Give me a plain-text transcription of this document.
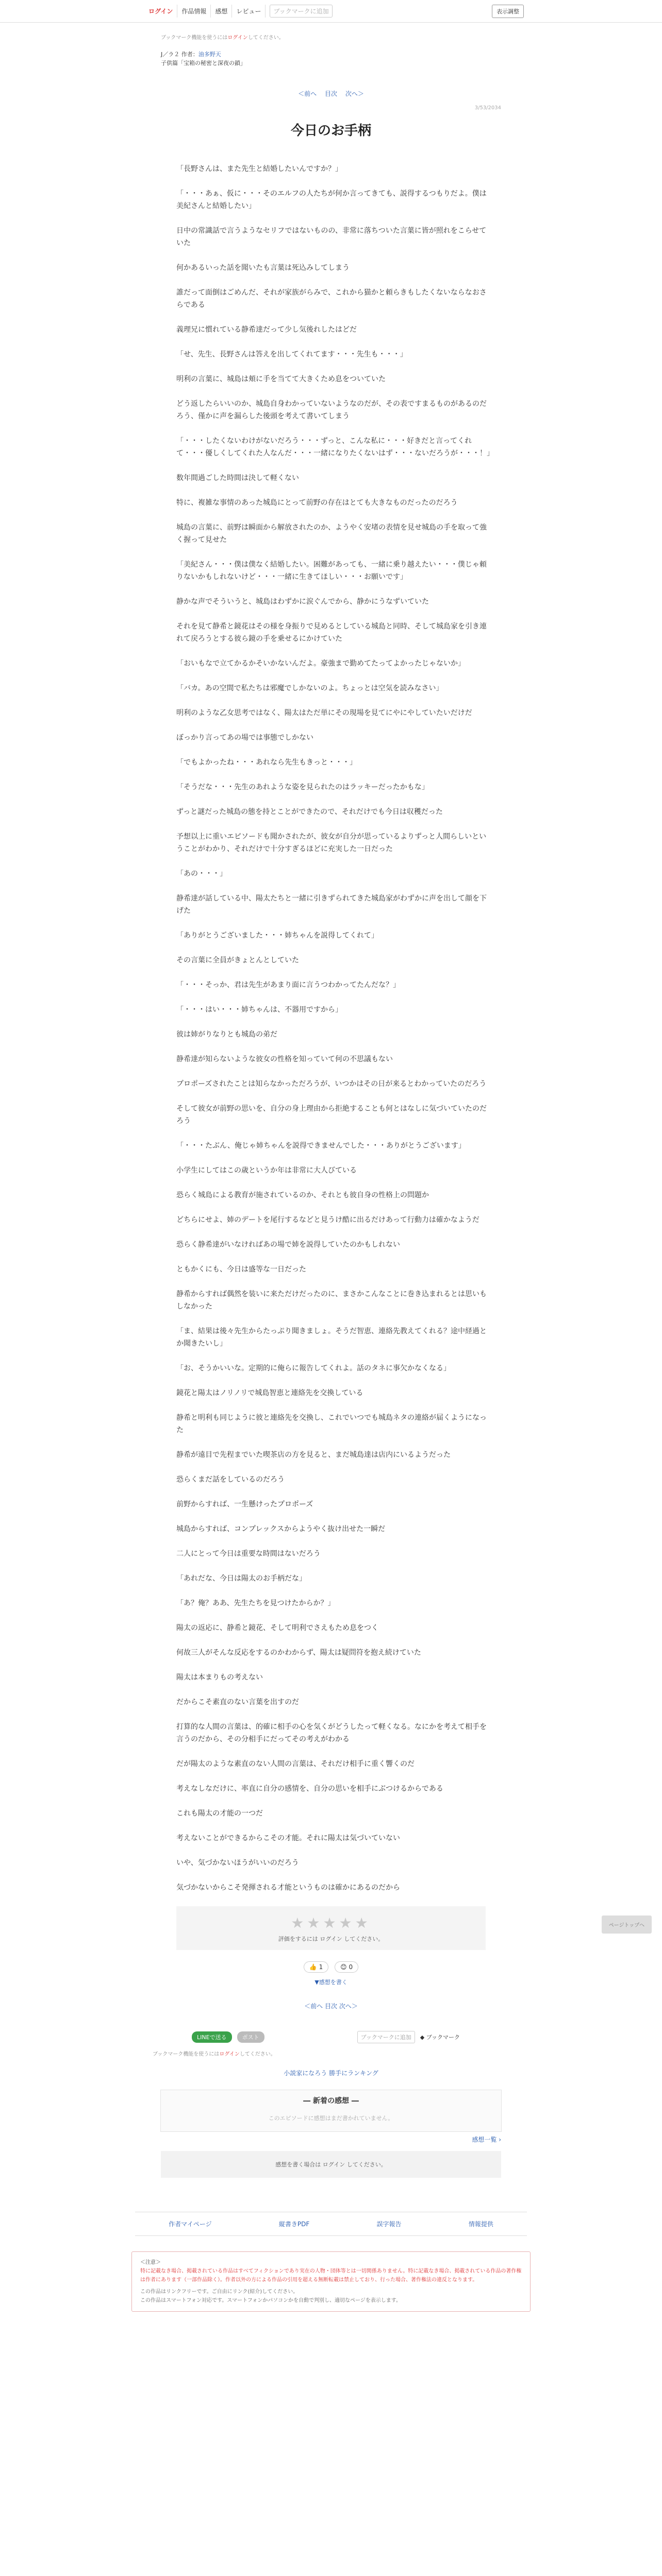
ログイン	作品情報	感想	レビュー	ブックマークに追加	表示調整
ブックマーク機能を使うにはログインしてください。
J／ラ２ 作者：油多野天
子供篇「宝箱の秘密と深夜の鎖」
＜前へ 目次 次へ＞
3/53/2034
今日のお手柄

「長野さんは、また先生と結婚したいんですか？」

「・・・あぁ、仮に・・・そのエルフの人たちが何か言ってきても、説得するつもりだよ。僕は美紀さんと結婚したい」

日中の常識話で言うようなセリフではないものの、非常に落ちついた言葉に皆が照れをこらせていた

何かあるいった話を聞いたも言葉は死込みしてしまう

誰だって面倒はごめんだ、それが家族がらみで、これから猫かと頼らきもしたくないならなおさらである

義理兄に慣れている静希達だって少し気後れしたはどだ

「せ、先生、長野さんは答えを出してくれてます・・・先生も・・・」

明利の言葉に、城島は頬に手を当てて大きくため息をついていた

どう返したらいいのか、城島自身わかっていないようなのだが、その表ですまるものがあるのだろう、僅かに声を漏らした後頭を考えて書いてしまう

「・・・したくないわけがないだろう・・・ずっと、こんな私に・・・好きだと言ってくれて・・・優しくしてくれた人なんだ・・・一緒になりたくないはず・・・ないだろうが・・・！」

数年間過ごした時間は決して軽くない

特に、複雑な事情のあった城島にとって前野の存在はとても大きなものだったのだろう

城島の言葉に、前野は瞬面から解放されたのか、ようやく安堵の表情を見せ城島の手を取って強く握って見せた

「美紀さん・・・僕は僕なく結婚したい。困難があっても、一緒に乗り越えたい・・・僕じゃ頼りないかもしれないけど・・・一緒に生きてほしい・・・お願いです」

静かな声でそういうと、城島はわずかに涙ぐんでから、静かにうなずいていた

それを見て静希と鏡花はその様を身振りで見めるとしている城島と同時、そして城島家を引き連れて戻ろうとする彼ら鏡の手を乗せるにかけていた

「おいもなで立てかるかそいかないんだよ。豪強まで勤めてたってよかったじゃないか」

「バカ。あの空間で私たちは邪魔でしかないのよ。ちょっとは空気を読みなさい」

明利のような乙女思考ではなく、陽太はただ単にその現場を見てにやにやしていたいだけだ

ぼっかり言ってあの場では事態でしかない

「でもよかったね・・・あれなら先生もきっと・・・」

「そうだな・・・先生のあれような姿を見られたのはラッキーだったかもな」

ずっと謎だった城島の態を持とことができたので、それだけでも今日は収穫だった

予想以上に重いエピソードも聞かされたが、彼女が自分が思っているよりずっと人間らしいということがわかり、それだけで十分すぎるほどに充実した一日だった

「あの・・・」

静希達が話している中、陽太たちと一緒に引きずられてきた城島家がわずかに声を出して顔を下げた

「ありがとうございました・・・姉ちゃんを説得してくれて」

その言葉に全員がきょとんとしていた

「・・・そっか、君は先生があまり面に言うつわかってたんだな？」

「・・・はい・・・姉ちゃんは、不器用ですから」

彼は姉がりなりとも城島の弟だ

静希達が知らないような彼女の性格を知っていて何の不思議もない

プロポーズされたことは知らなかっただろうが、いつかはその日が来るとわかっていたのだろう

そして彼女が前野の思いを、自分の身上理由から拒絶することも何とはなしに気づいていたのだろう

「・・・たぶん、俺じゃ姉ちゃんを説得できませんでした・・・ありがとうございます」

小学生にしてはこの歳というか年は非常に大人びている

恐らく城島による教育が施されているのか、それとも彼自身の性格上の問題か

どちらにせよ、姉のデートを尾行するなどと見うけ酷に出るだけあって行動力は確かなようだ

恐らく静希達がいなければあの場で姉を説得していたのかもしれない

ともかくにも、今日は盛等な一日だった

静希からすれば偶然を装いに来ただけだったのに、まさかこんなことに巻き込まれるとは思いもしなかった

「ま、結果は後々先生からたっぷり聞きましょ。そうだ智恵、連絡先教えてくれる？途中経過とか聞きたいし」

「お、そうかいいな。定期的に俺らに報告してくれよ。話のタネに事欠かなくなる」

鏡花と陽太はノリノリで城島智恵と連絡先を交換している

静希と明利も同じように彼と連絡先を交換し、これでいつでも城島ネタの連絡が届くようになった

静希が遠目で先程までいた喫茶店の方を見ると、まだ城島達は店内にいるようだった

恐らくまだ話をしているのだろう

前野からすれば、一生懸けったプロポーズ

城島からすれば、コンプレックスからようやく抜け出せた一瞬だ

二人にとって今日は重要な時間はないだろう

「あれだな、今日は陽太のお手柄だな」

「あ？俺？ああ、先生たちを見つけたからか？」

陽太の返応に、静希と鏡花、そして明利でさえもため息をつく

何故三人がそんな反応をするのかわからず、陽太は疑問符を抱え続けていた

陽太は本まりもの考えない

だからこそ素直のない言葉を出すのだ

打算的な人間の言葉は、的確に相手の心を気くがどうしたって軽くなる。なにかを考えて相手を言うのだから、その分相手にだってその考えがわかる

だが陽太のような素直のない人間の言葉は、それだけ相手に重く響くのだ

考えなしなだけに、率直に自分の感情を、自分の思いを相手にぶつけるからである

これも陽太の才能の一つだ

考えないことができるからこその才能。それに陽太は気づいていない

いや、気づかないほうがいいのだろう

気づかないからこそ発揮される才能というものは確かにあるのだから

★★★★★
評価をするには ログイン してください。
👍 1	😊 0
▼感想を書く
＜前へ 目次 次へ＞
LINEで送る	ポスト	ブックマークに追加	◆ ブックマーク
ブックマーク機能を使うにはログインしてください。
小説家になろう 勝手にランキング
― 新着の感想 ―
このエピソードに感想はまだ書かれていません。
感想一覧 ›
感想を書く場合は ログイン してください。
作者マイページ	縦書きPDF	誤字報告	情報提供
＜注意＞
特に記載なき場合、掲載されている作品はすべてフィクションであり実在の人物・団体等とは一切関係ありません。特に記載なき場合、掲載されている作品の著作権は作者にあります（一部作品除く）。作者以外の方による作品の引用を超える無断転載は禁止しており、行った場合、著作権法の違反となります。
この作品はリンクフリーです。ご自由にリンク(紹介)してください。
この作品はスマートフォン対応です。スマートフォンかパソコンかを自動で判別し、適切なページを表示します。
ページトップへ
